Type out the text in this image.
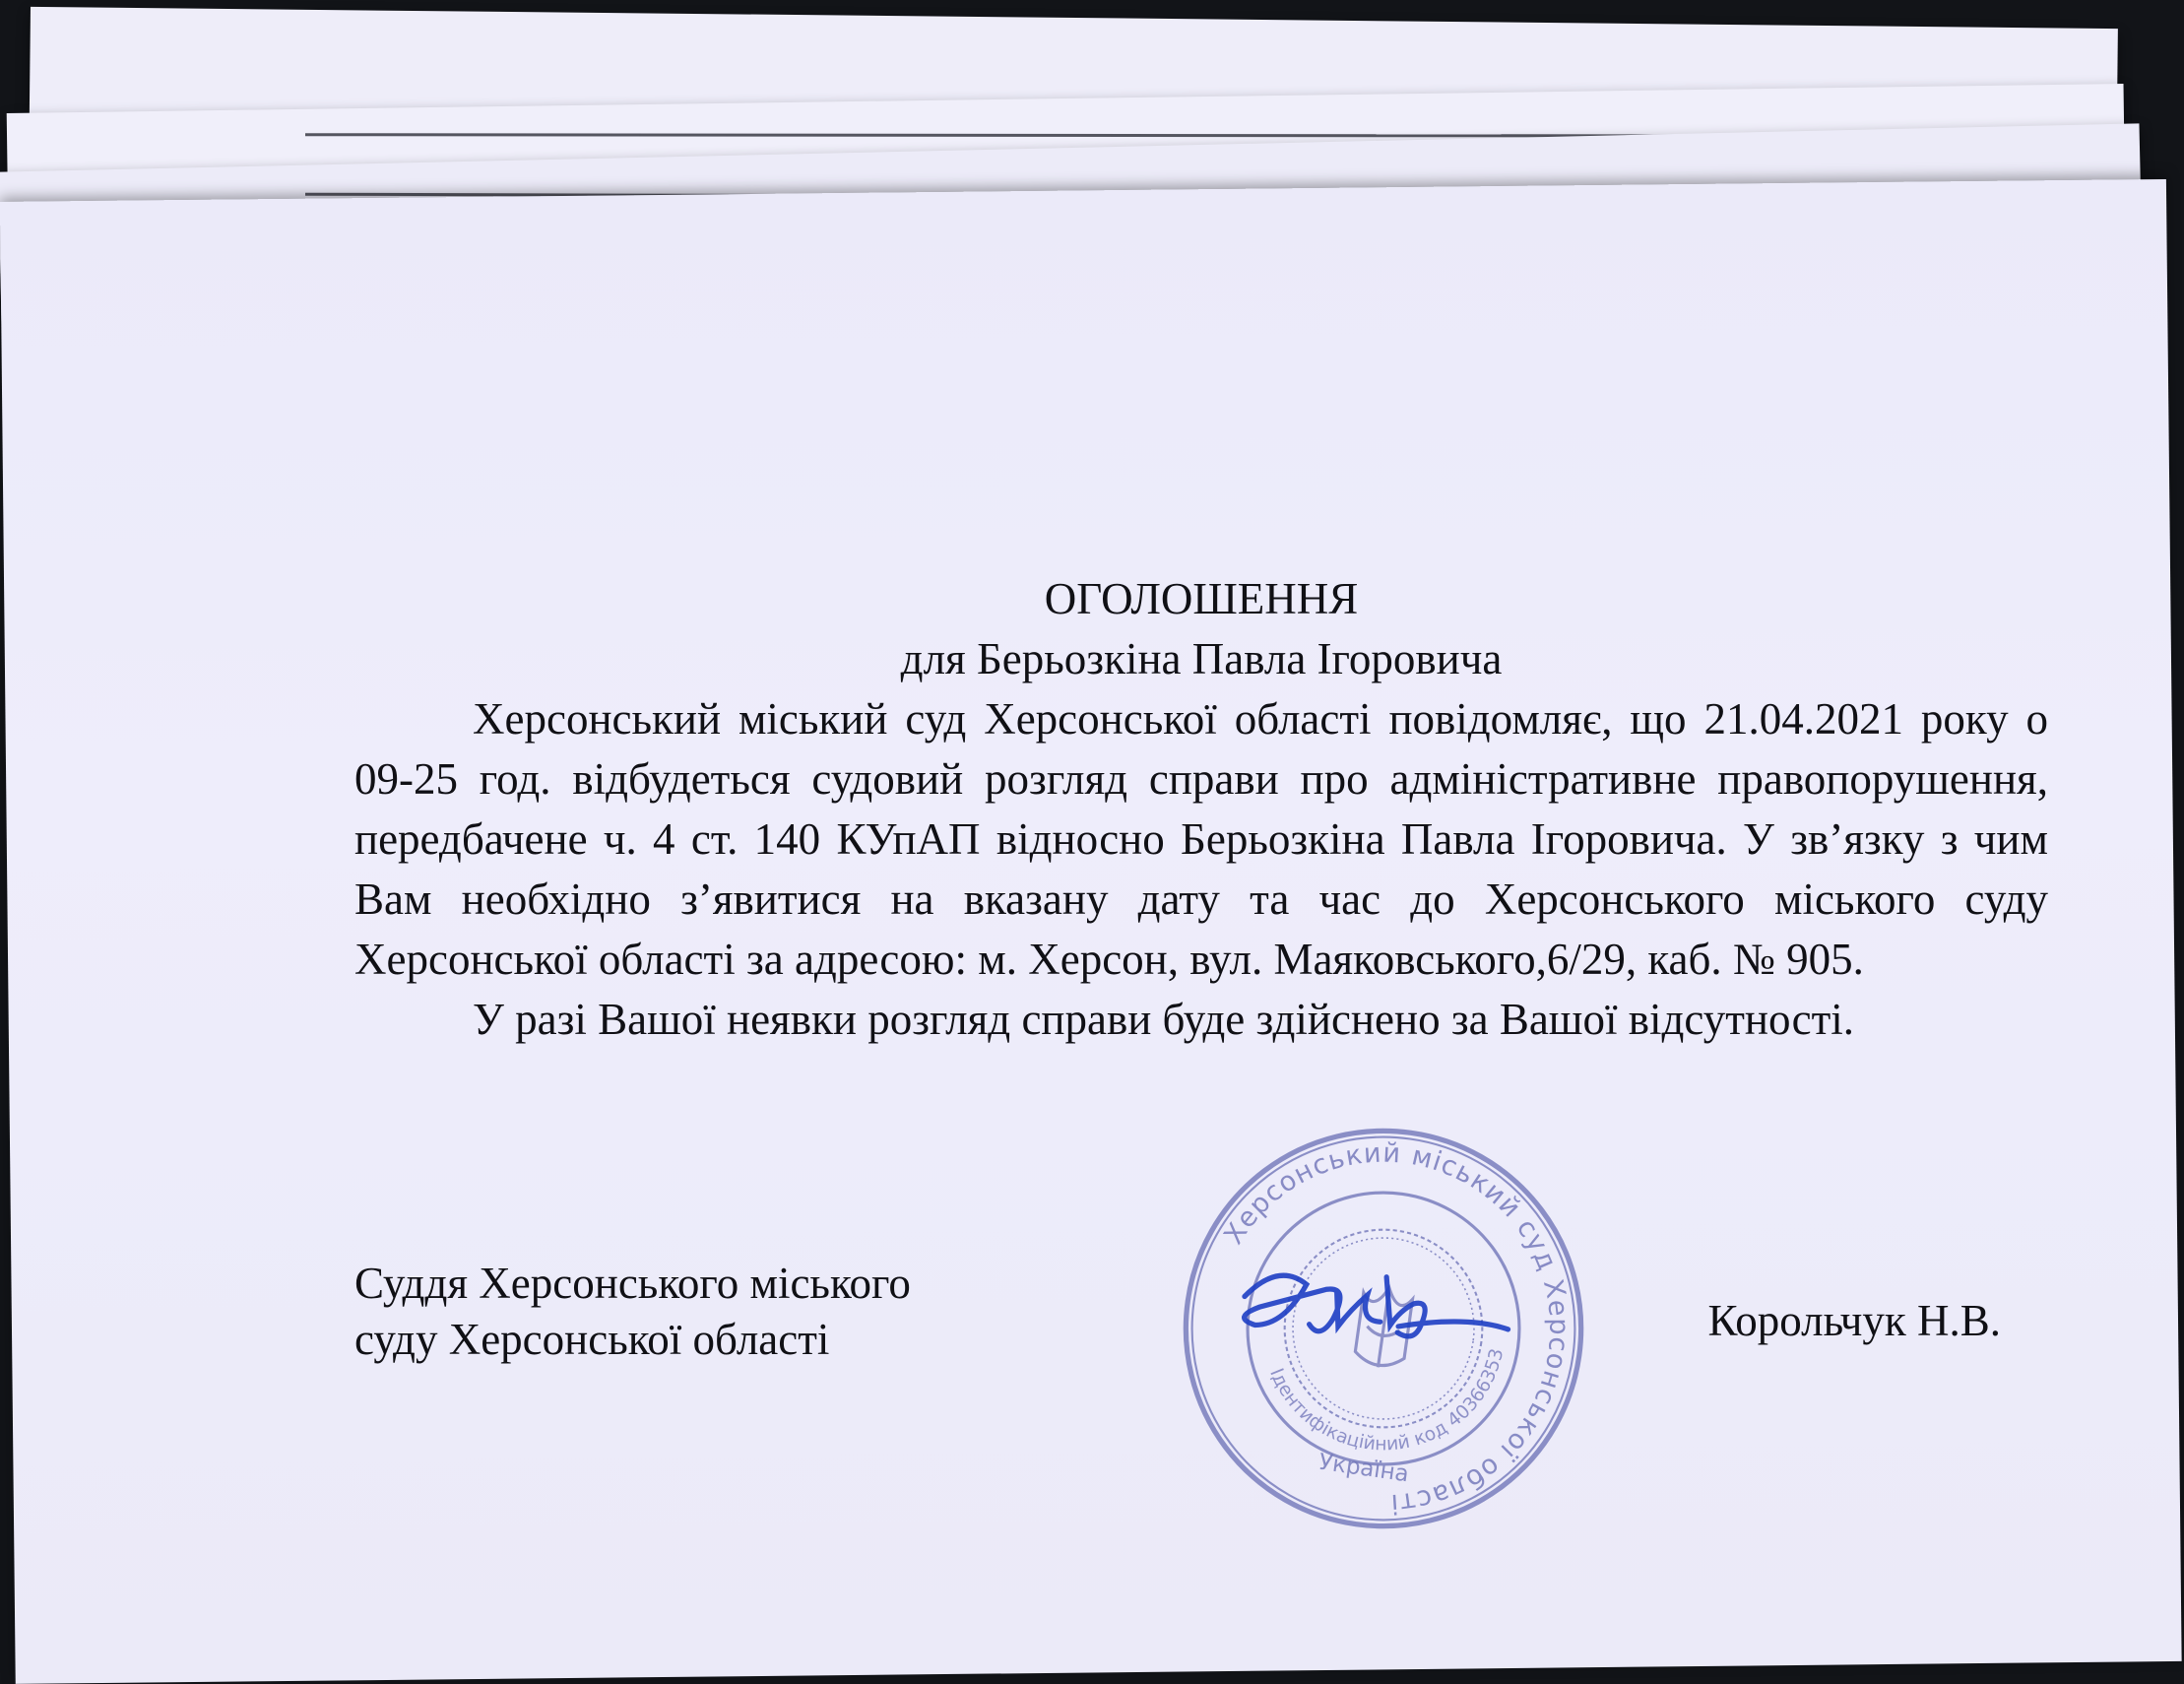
ОГОЛОШЕННЯ

для Берьозкіна Павла Ігоровича

Херсонський міський суд Херсонської області повідомляє, що 21.04.2021 року о 09-25 год. відбудеться судовий розгляд справи про адміністративне правопорушення, передбачене ч. 4 ст. 140 КУпАП відносно Берьозкіна Павла Ігоровича. У зв’язку з чим Вам необхідно з’явитися на вказану дату та час до Херсонського міського суду Херсонської області за адресою: м. Херсон, вул. Маяковського,6/29, каб. № 905.

У разі Вашої неявки розгляд справи буде здійснено за Вашої відсутності.

Суддя Херсонського міського
суду Херсонської області	Корольчук Н.В.
Херсонський міський суд Херсонської області
Ідентифікаційний код 40366353
Україна
